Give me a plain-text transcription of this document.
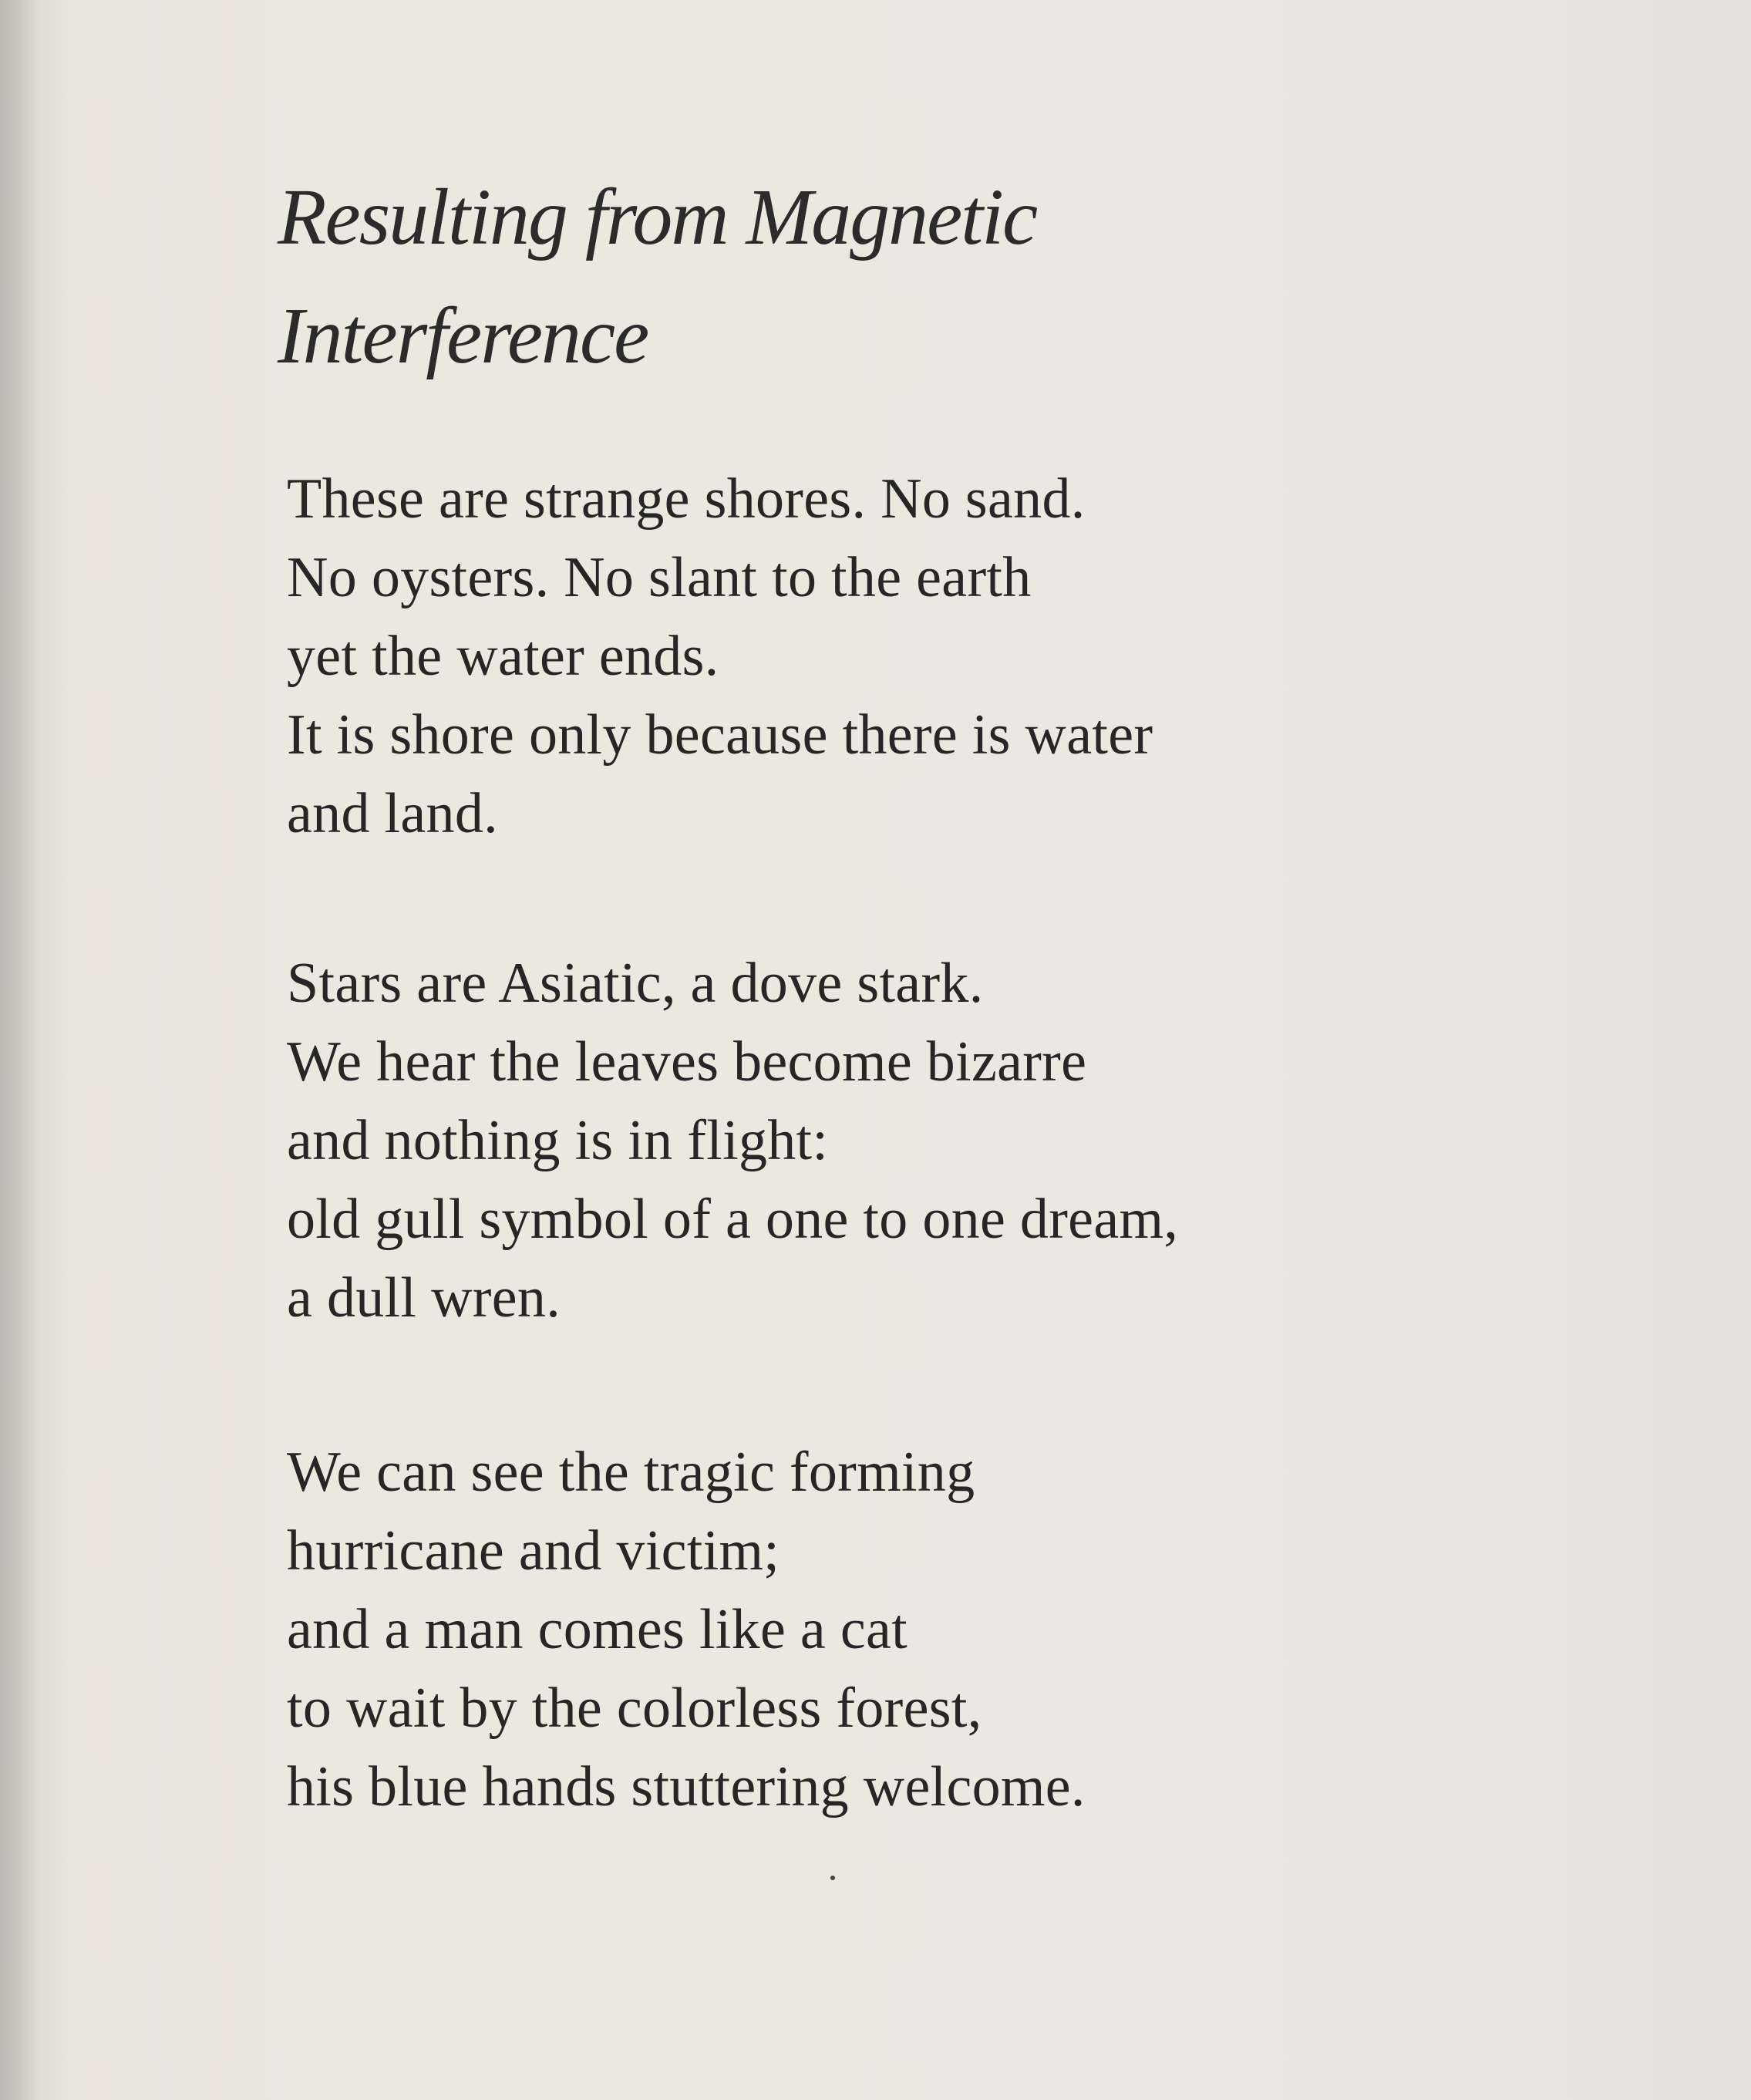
Resulting from Magnetic
Interference
These are strange shores. No sand.
No oysters. No slant to the earth
yet the water ends.
It is shore only because there is water
and land.
Stars are Asiatic, a dove stark.
We hear the leaves become bizarre
and nothing is in flight:
old gull symbol of a one to one dream,
a dull wren.
We can see the tragic forming
hurricane and victim;
and a man comes like a cat
to wait by the colorless forest,
his blue hands stuttering welcome.
